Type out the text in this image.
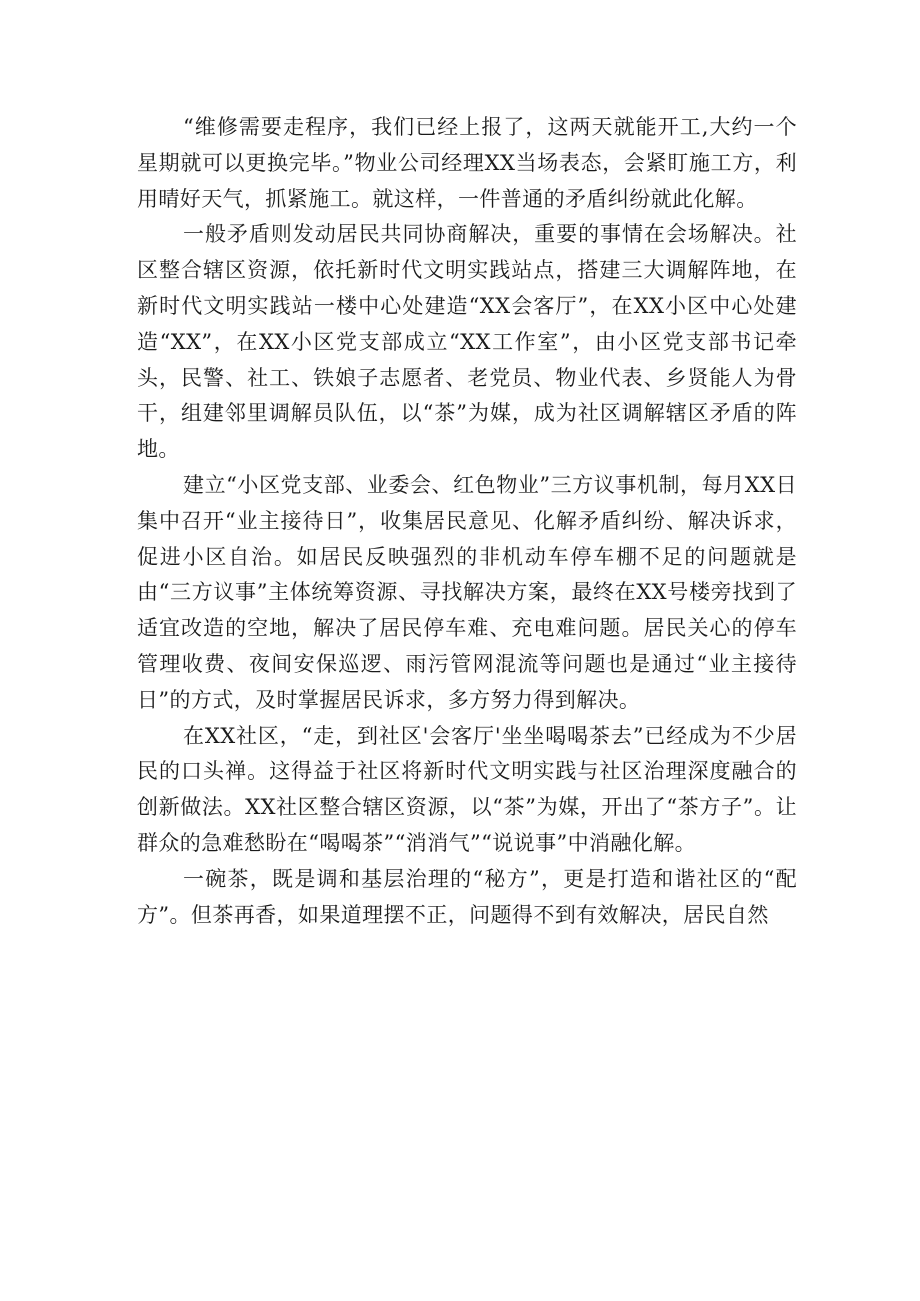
“维修需要走程序，我们已经上报了，这两天就能开工,大约一个星期就可以更换完毕。”物业公司经理XX当场表态，会紧盯施工方，利用晴好天气，抓紧施工。就这样，一件普通的矛盾纠纷就此化解。

一般矛盾则发动居民共同协商解决，重要的事情在会场解决。社区整合辖区资源，依托新时代文明实践站点，搭建三大调解阵地，在新时代文明实践站一楼中心处建造“XX会客厅”，在XX小区中心处建造“XX”，在XX小区党支部成立“XX工作室”，由小区党支部书记牵头，民警、社工、铁娘子志愿者、老党员、物业代表、乡贤能人为骨干，组建邻里调解员队伍，以“茶”为媒，成为社区调解辖区矛盾的阵地。

建立“小区党支部、业委会、红色物业”三方议事机制，每月XX日集中召开“业主接待日”，收集居民意见、化解矛盾纠纷、解决诉求，促进小区自治。如居民反映强烈的非机动车停车棚不足的问题就是由“三方议事”主体统筹资源、寻找解决方案，最终在XX号楼旁找到了适宜改造的空地，解决了居民停车难、充电难问题。居民关心的停车管理收费、夜间安保巡逻、雨污管网混流等问题也是通过“业主接待日”的方式，及时掌握居民诉求，多方努力得到解决。

在XX社区，“走，到社区'会客厅'坐坐喝喝茶去”已经成为不少居民的口头禅。这得益于社区将新时代文明实践与社区治理深度融合的创新做法。XX社区整合辖区资源，以“茶”为媒，开出了“茶方子”。让群众的急难愁盼在“喝喝茶”“消消气”“说说事”中消融化解。

一碗茶，既是调和基层治理的“秘方”，更是打造和谐社区的“配方”。但茶再香，如果道理摆不正，问题得不到有效解决，居民自然
